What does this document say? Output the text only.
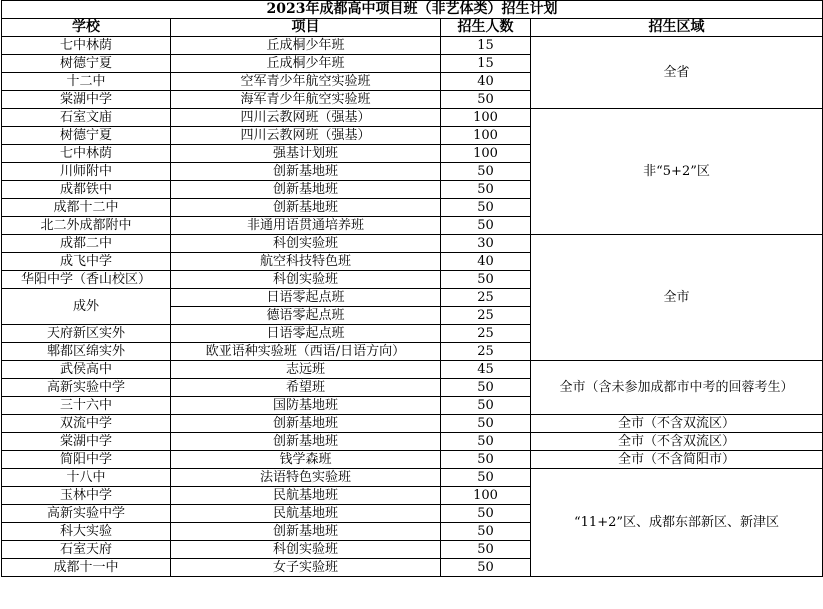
2023年成都高中项目班（非艺体类）招生计划			
学校	项目	招生人数	招生区域
七中林荫	丘成桐少年班	15	全省
树德宁夏	丘成桐少年班	15	
十二中	空军青少年航空实验班	40	
棠湖中学	海军青少年航空实验班	50	
石室文庙	四川云教网班（强基）	100	非“5+2”区
树德宁夏	四川云教网班（强基）	100	
七中林荫	强基计划班	100	
川师附中	创新基地班	50	
成都铁中	创新基地班	50	
成都十二中	创新基地班	50	
北二外成都附中	非通用语贯通培养班	50	
成都二中	科创实验班	30	全市
成飞中学	航空科技特色班	40	
华阳中学（香山校区）	科创实验班	50	
成外	日语零起点班	25	
	德语零起点班	25	
天府新区实外	日语零起点班	25	
郫都区绵实外	欧亚语种实验班（西语/日语方向）	25	
武侯高中	志远班	45	全市（含未参加成都市中考的回蓉考生）
高新实验中学	希望班	50	
三十六中	国防基地班	50	
双流中学	创新基地班	50	全市（不含双流区）
棠湖中学	创新基地班	50	全市（不含双流区）
简阳中学	钱学森班	50	全市（不含简阳市）
十八中	法语特色实验班	50	“11+2”区、成都东部新区、新津区
玉林中学	民航基地班	100	
高新实验中学	民航基地班	50	
科大实验	创新基地班	50	
石室天府	科创实验班	50	
成都十一中	女子实验班	50	
